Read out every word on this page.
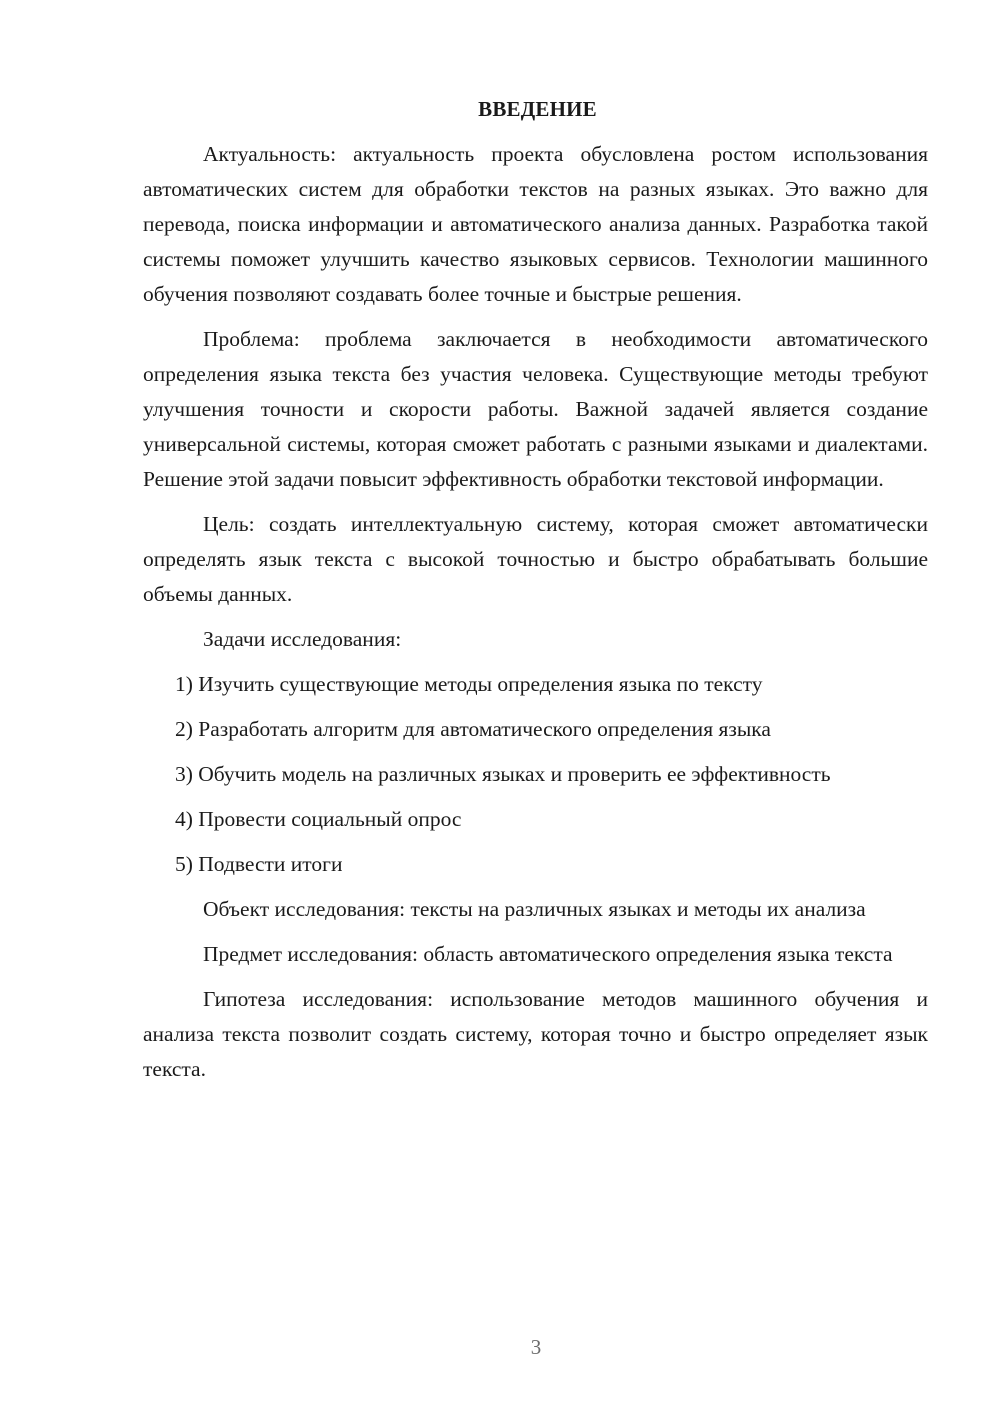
ВВЕДЕНИЕ

Актуальность: актуальность проекта обусловлена ростом использования автоматических систем для обработки текстов на разных языках. Это важно для перевода, поиска информации и автоматического анализа данных. Разработка такой системы поможет улучшить качество языковых сервисов. Технологии машинного обучения позволяют создавать более точные и быстрые решения.

Проблема: проблема заключается в необходимости автоматического определения языка текста без участия человека. Существующие методы требуют улучшения точности и скорости работы. Важной задачей является создание универсальной системы, которая сможет работать с разными языками и диалектами. Решение этой задачи повысит эффективность обработки текстовой информации.

Цель: создать интеллектуальную систему, которая сможет автоматически определять язык текста с высокой точностью и быстро обрабатывать большие объемы данных.

Задачи исследования:

1) Изучить существующие методы определения языка по тексту

2) Разработать алгоритм для автоматического определения языка

3) Обучить модель на различных языках и проверить ее эффективность

4) Провести социальный опрос

5) Подвести итоги

Объект исследования: тексты на различных языках и методы их анализа

Предмет исследования: область автоматического определения языка текста

Гипотеза исследования: использование методов машинного обучения и анализа текста позволит создать систему, которая точно и быстро определяет язык текста.

3
